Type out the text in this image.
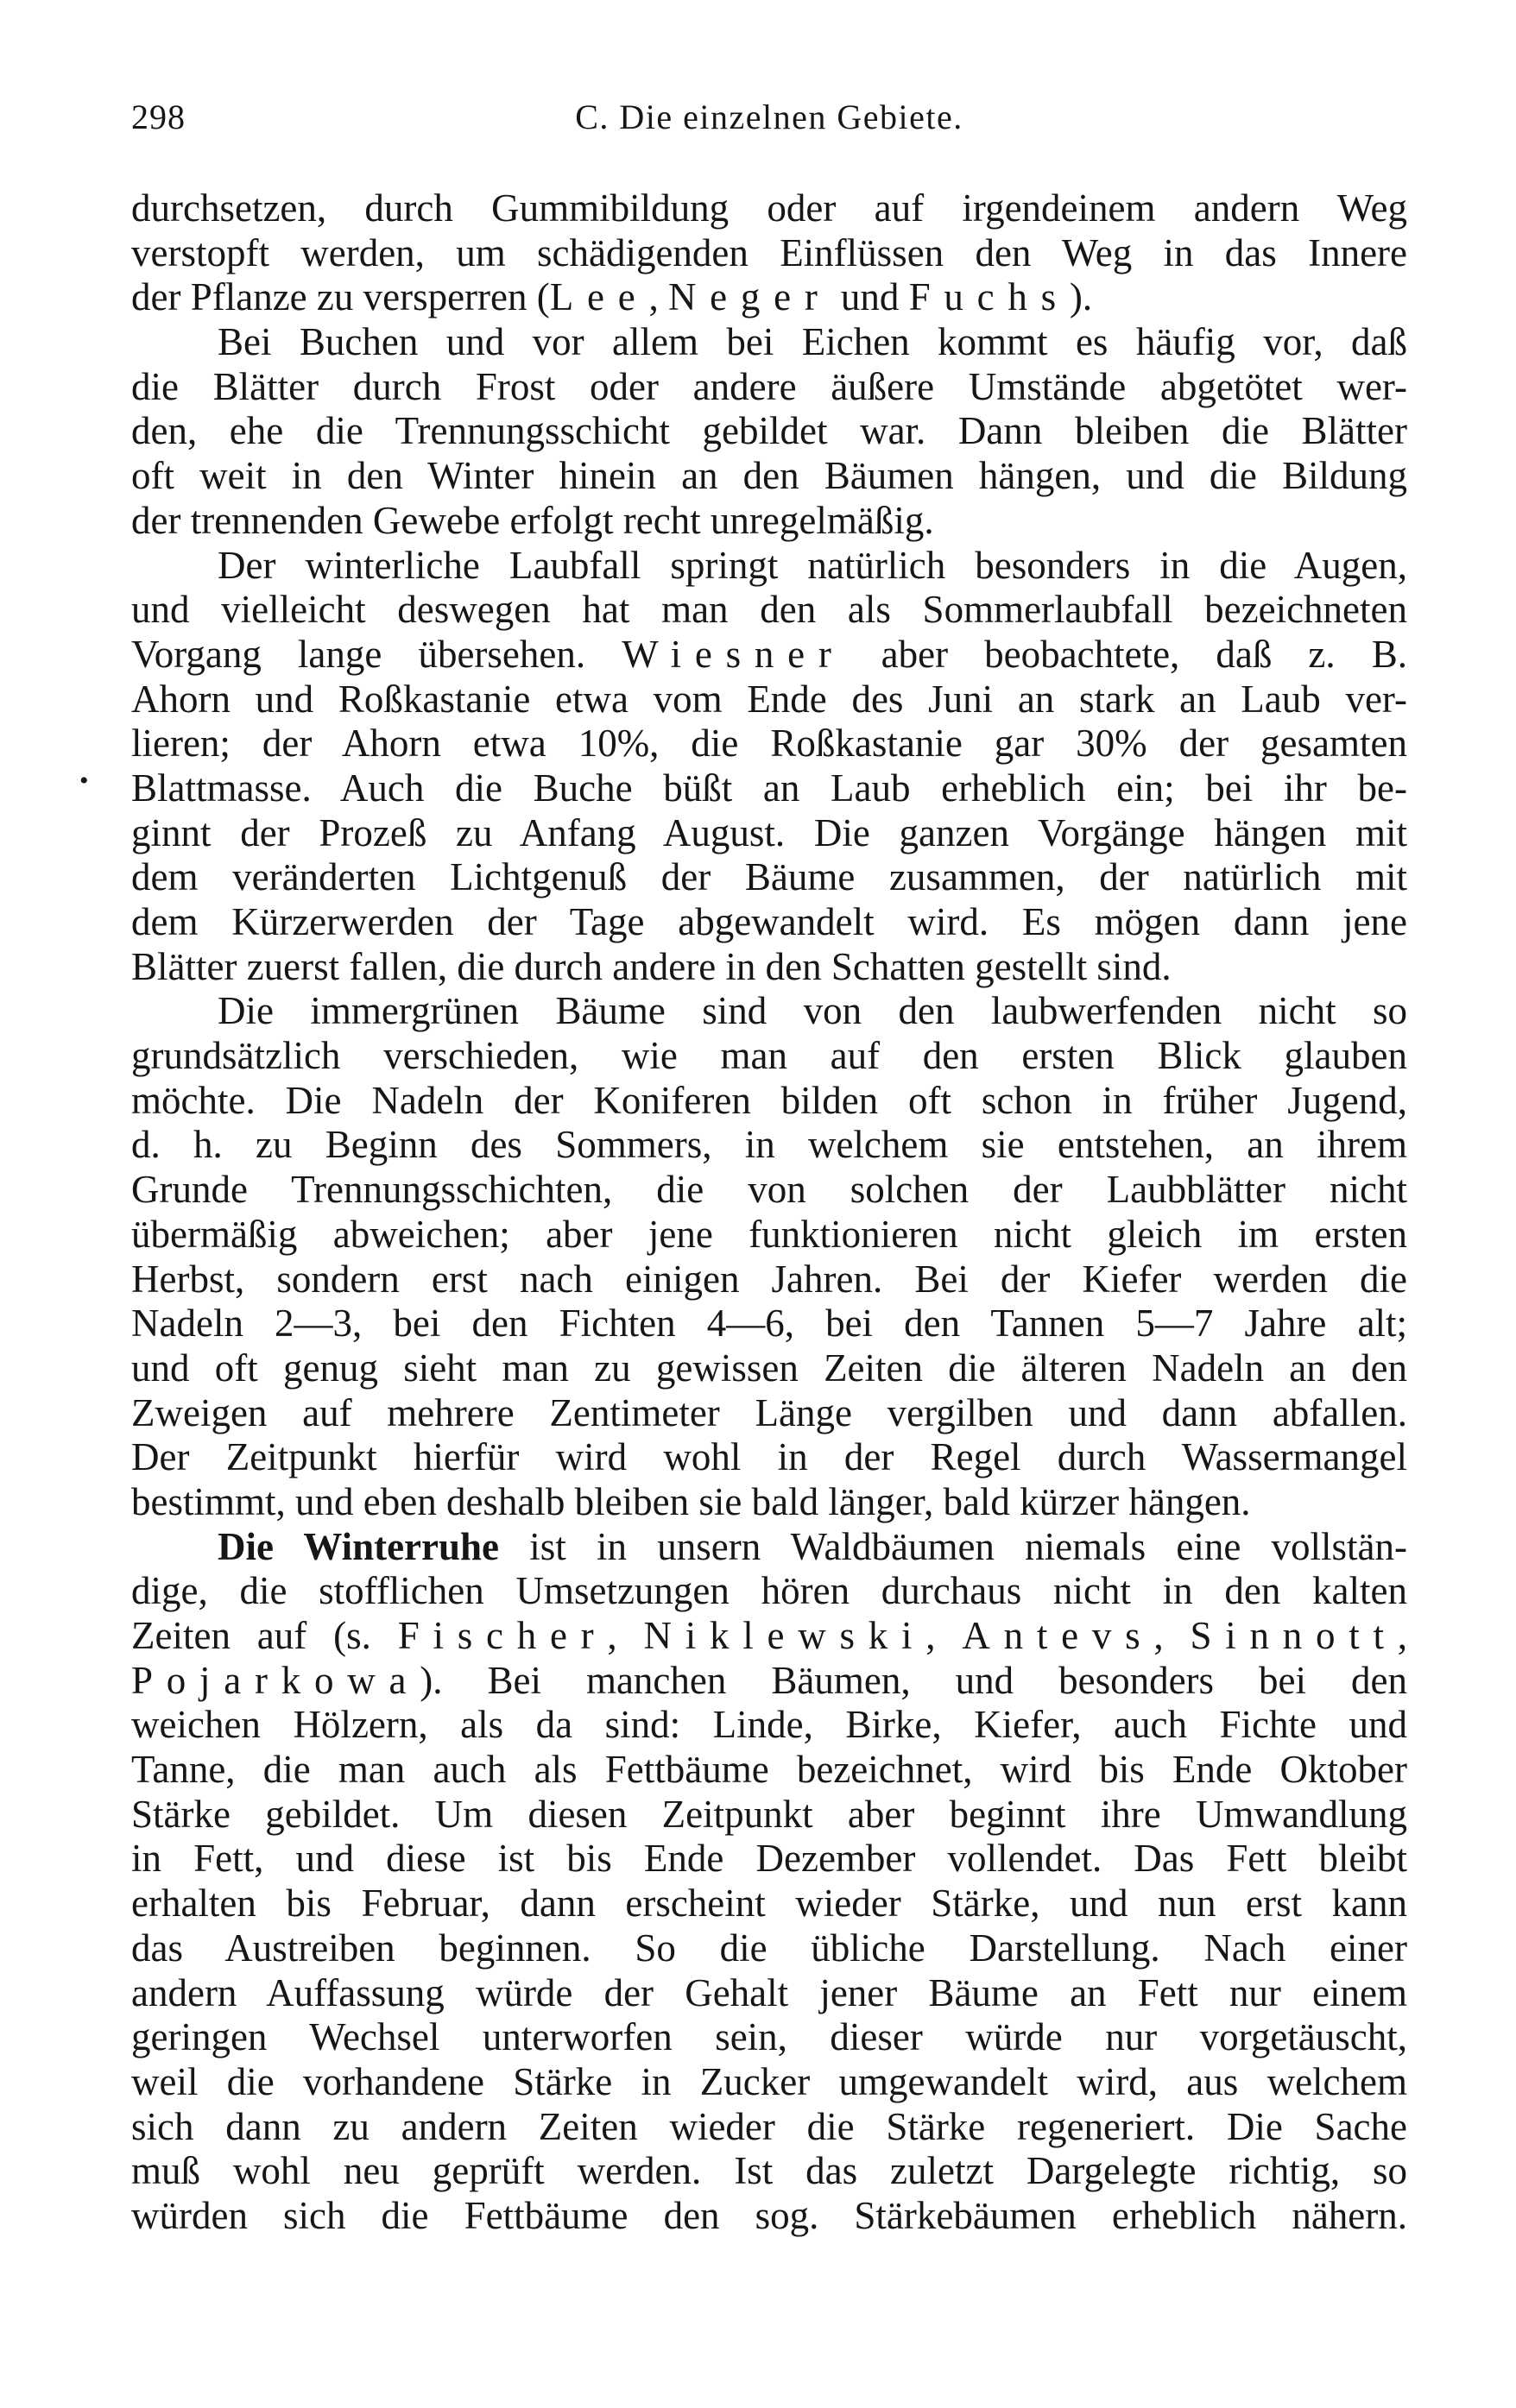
298	C. Die einzelnen Gebiete.
•
durchsetzen, durch Gummibildung oder auf irgendeinem andern Weg
verstopft werden, um schädigenden Einflüssen den Weg in das Innere
der Pflanze zu versperren (Lee, Neger und Fuchs).
Bei Buchen und vor allem bei Eichen kommt es häufig vor, daß
die Blätter durch Frost oder andere äußere Umstände abgetötet wer-
den, ehe die Trennungsschicht gebildet war. Dann bleiben die Blätter
oft weit in den Winter hinein an den Bäumen hängen, und die Bildung
der trennenden Gewebe erfolgt recht unregelmäßig.
Der winterliche Laubfall springt natürlich besonders in die Augen,
und vielleicht deswegen hat man den als Sommerlaubfall bezeichneten
Vorgang lange übersehen. Wiesner aber beobachtete, daß z. B.
Ahorn und Roßkastanie etwa vom Ende des Juni an stark an Laub ver-
lieren; der Ahorn etwa 10%, die Roßkastanie gar 30% der gesamten
Blattmasse. Auch die Buche büßt an Laub erheblich ein; bei ihr be-
ginnt der Prozeß zu Anfang August. Die ganzen Vorgänge hängen mit
dem veränderten Lichtgenuß der Bäume zusammen, der natürlich mit
dem Kürzerwerden der Tage abgewandelt wird. Es mögen dann jene
Blätter zuerst fallen, die durch andere in den Schatten gestellt sind.
Die immergrünen Bäume sind von den laubwerfenden nicht so
grundsätzlich verschieden, wie man auf den ersten Blick glauben
möchte. Die Nadeln der Koniferen bilden oft schon in früher Jugend,
d. h. zu Beginn des Sommers, in welchem sie entstehen, an ihrem
Grunde Trennungsschichten, die von solchen der Laubblätter nicht
übermäßig abweichen; aber jene funktionieren nicht gleich im ersten
Herbst, sondern erst nach einigen Jahren. Bei der Kiefer werden die
Nadeln 2—3, bei den Fichten 4—6, bei den Tannen 5—7 Jahre alt;
und oft genug sieht man zu gewissen Zeiten die älteren Nadeln an den
Zweigen auf mehrere Zentimeter Länge vergilben und dann abfallen.
Der Zeitpunkt hierfür wird wohl in der Regel durch Wassermangel
bestimmt, und eben deshalb bleiben sie bald länger, bald kürzer hängen.
Die Winterruhe ist in unsern Waldbäumen niemals eine vollstän-
dige, die stofflichen Umsetzungen hören durchaus nicht in den kalten
Zeiten auf (s. Fischer, Niklewski, Antevs, Sinnott,
Pojarkowa). Bei manchen Bäumen, und besonders bei den
weichen Hölzern, als da sind: Linde, Birke, Kiefer, auch Fichte und
Tanne, die man auch als Fettbäume bezeichnet, wird bis Ende Oktober
Stärke gebildet. Um diesen Zeitpunkt aber beginnt ihre Umwandlung
in Fett, und diese ist bis Ende Dezember vollendet. Das Fett bleibt
erhalten bis Februar, dann erscheint wieder Stärke, und nun erst kann
das Austreiben beginnen. So die übliche Darstellung. Nach einer
andern Auffassung würde der Gehalt jener Bäume an Fett nur einem
geringen Wechsel unterworfen sein, dieser würde nur vorgetäuscht,
weil die vorhandene Stärke in Zucker umgewandelt wird, aus welchem
sich dann zu andern Zeiten wieder die Stärke regeneriert. Die Sache
muß wohl neu geprüft werden. Ist das zuletzt Dargelegte richtig, so
würden sich die Fettbäume den sog. Stärkebäumen erheblich nähern.
